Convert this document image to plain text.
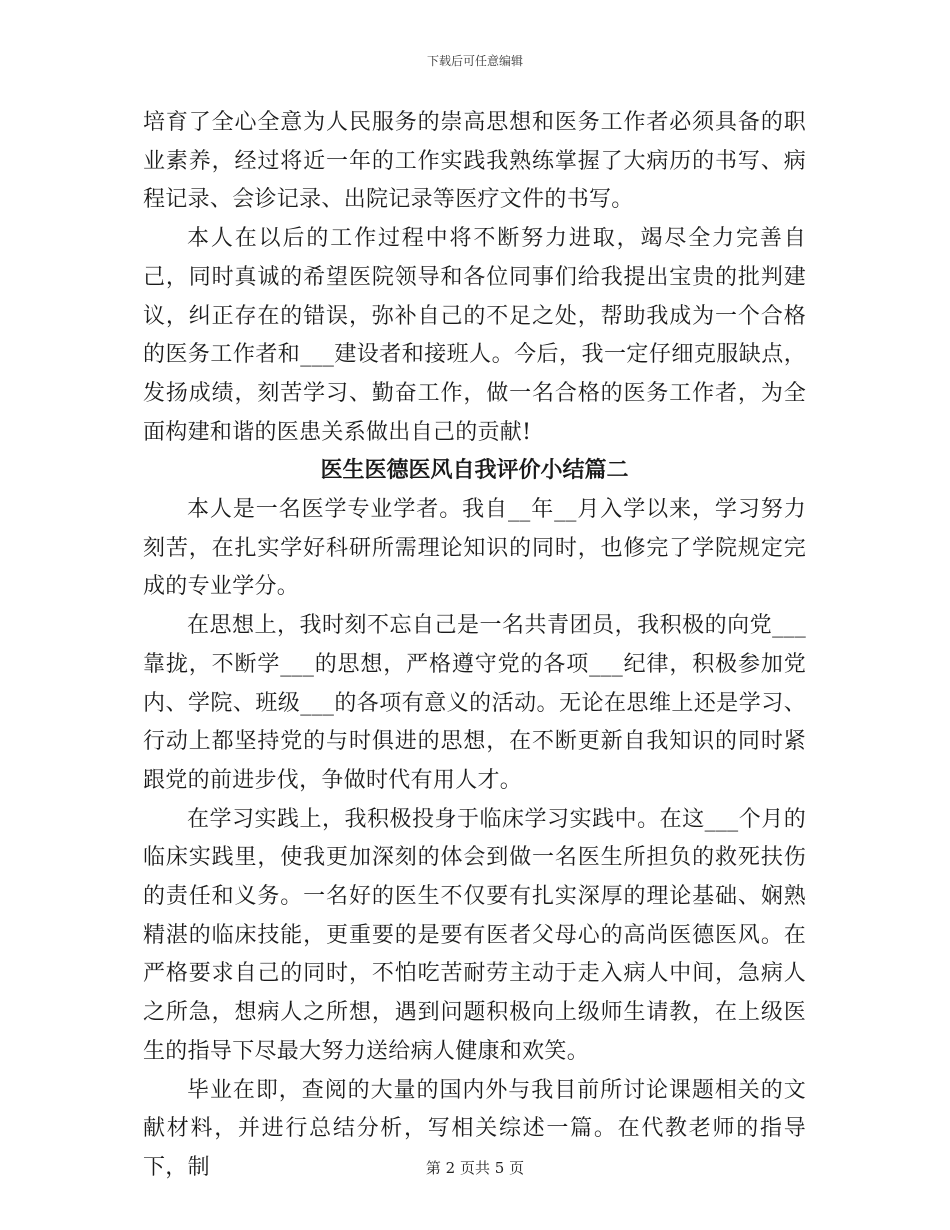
下载后可任意编辑

培育了全心全意为人民服务的崇高思想和医务工作者必须具备的职业素养，经过将近一年的工作实践我熟练掌握了大病历的书写、病程记录、会诊记录、出院记录等医疗文件的书写。

本人在以后的工作过程中将不断努力进取，竭尽全力完善自己，同时真诚的希望医院领导和各位同事们给我提出宝贵的批判建议，纠正存在的错误，弥补自己的不足之处，帮助我成为一个合格的医务工作者和___建设者和接班人。今后，我一定仔细克服缺点，发扬成绩，刻苦学习、勤奋工作，做一名合格的医务工作者，为全面构建和谐的医患关系做出自己的贡献!

医生医德医风自我评价小结篇二

本人是一名医学专业学者。我自__年__月入学以来，学习努力刻苦，在扎实学好科研所需理论知识的同时，也修完了学院规定完成的专业学分。

在思想上，我时刻不忘自己是一名共青团员，我积极的向党___靠拢，不断学___的思想，严格遵守党的各项___纪律，积极参加党内、学院、班级___的各项有意义的活动。无论在思维上还是学习、行动上都坚持党的与时俱进的思想，在不断更新自我知识的同时紧跟党的前进步伐，争做时代有用人才。

在学习实践上，我积极投身于临床学习实践中。在这___个月的临床实践里，使我更加深刻的体会到做一名医生所担负的救死扶伤的责任和义务。一名好的医生不仅要有扎实深厚的理论基础、娴熟精湛的临床技能，更重要的是要有医者父母心的高尚医德医风。在严格要求自己的同时，不怕吃苦耐劳主动于走入病人中间，急病人之所急，想病人之所想，遇到问题积极向上级师生请教，在上级医生的指导下尽最大努力送给病人健康和欢笑。

毕业在即，查阅的大量的国内外与我目前所讨论课题相关的文献材料，并进行总结分析，写相关综述一篇。在代教老师的指导下，制	第 2 页共 5 页
